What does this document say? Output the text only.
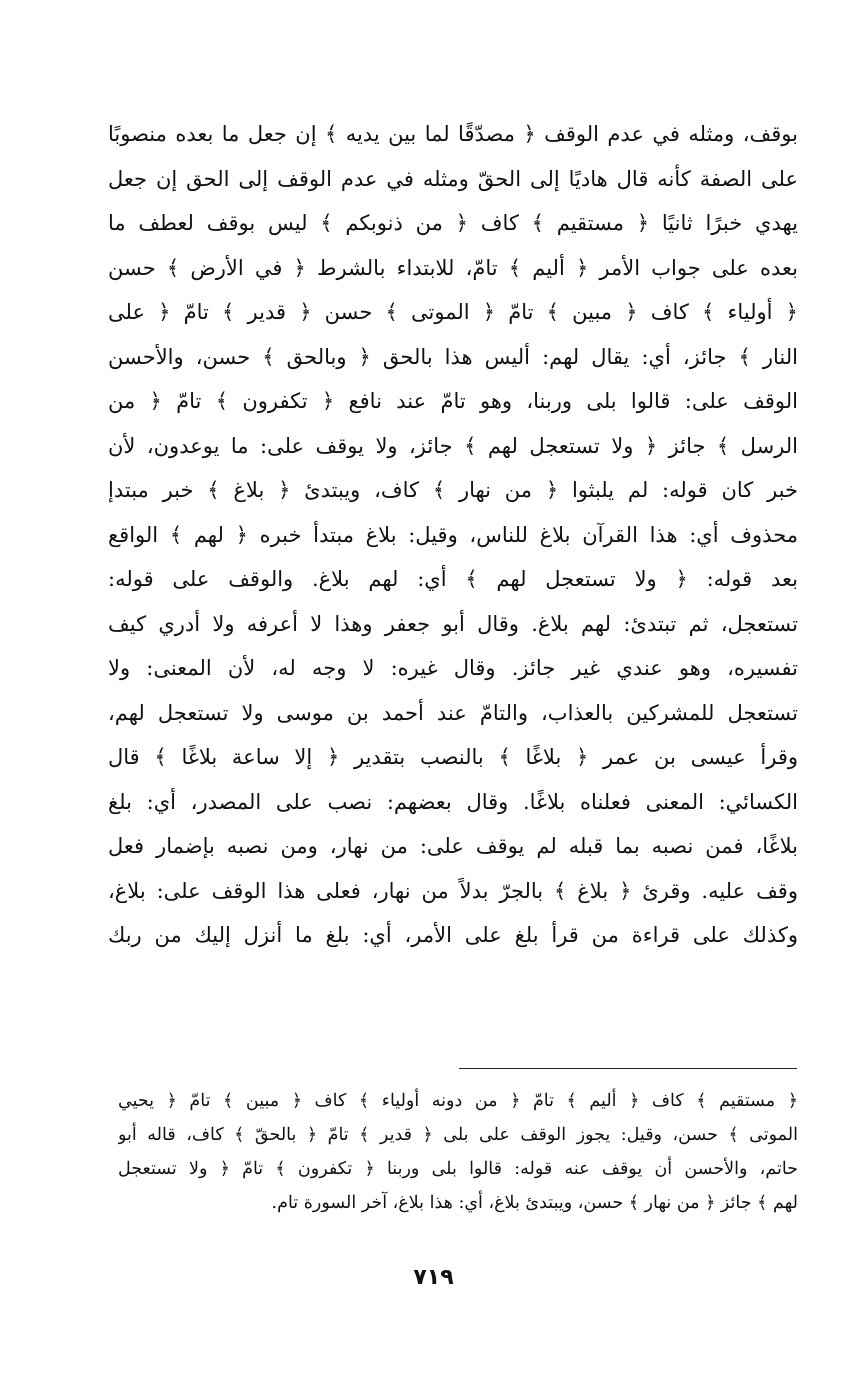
بوقف، ومثله في عدم الوقف ﴿ مصدّقًا لما بين يديه ﴾ إن جعل ما بعده منصوبًا
على الصفة كأنه قال هاديًا إلى الحقّ ومثله في عدم الوقف إلى الحق إن جعل
يهدي خبرًا ثانيًا ﴿ مستقيم ﴾ كاف ﴿ من ذنوبكم ﴾ ليس بوقف لعطف ما
بعده على جواب الأمر ﴿ أليم ﴾ تامّ، للابتداء بالشرط ﴿ في الأرض ﴾ حسن
﴿ أولياء ﴾ كاف ﴿ مبين ﴾ تامّ ﴿ الموتى ﴾ حسن ﴿ قدير ﴾ تامّ ﴿ على
النار ﴾ جائز، أي: يقال لهم: أليس هذا بالحق ﴿ وبالحق ﴾ حسن، والأحسن
الوقف على: قالوا بلى وربنا، وهو تامّ عند نافع ﴿ تكفرون ﴾ تامّ ﴿ من
الرسل ﴾ جائز ﴿ ولا تستعجل لهم ﴾ جائز، ولا يوقف على: ما يوعدون، لأن
خبر كان قوله: لم يلبثوا ﴿ من نهار ﴾ كاف، ويبتدئ ﴿ بلاغ ﴾ خبر مبتدإ
محذوف أي: هذا القرآن بلاغ للناس، وقيل: بلاغ مبتدأ خبره ﴿ لهم ﴾ الواقع
بعد قوله: ﴿ ولا تستعجل لهم ﴾ أي: لهم بلاغ. والوقف على قوله:
تستعجل، ثم تبتدئ: لهم بلاغ. وقال أبو جعفر وهذا لا أعرفه ولا أدري كيف
تفسيره، وهو عندي غير جائز. وقال غيره: لا وجه له، لأن المعنى: ولا
تستعجل للمشركين بالعذاب، والتامّ عند أحمد بن موسى ولا تستعجل لهم،
وقرأ عيسى بن عمر ﴿ بلاغًا ﴾ بالنصب بتقدير ﴿ إلا ساعة بلاغًا ﴾ قال
الكسائي: المعنى فعلناه بلاغًا. وقال بعضهم: نصب على المصدر، أي: بلغ
بلاغًا، فمن نصبه بما قبله لم يوقف على: من نهار، ومن نصبه بإضمار فعل
وقف عليه. وقرئ ﴿ بلاغ ﴾ بالجرّ بدلاً من نهار، فعلى هذا الوقف على: بلاغ،
وكذلك على قراءة من قرأ بلغ على الأمر، أي: بلغ ما أنزل إليك من ربك
﴿ مستقيم ﴾ كاف ﴿ أليم ﴾ تامّ ﴿ من دونه أولياء ﴾ كاف ﴿ مبين ﴾ تامّ ﴿ يحيي
الموتى ﴾ حسن، وقيل: يجوز الوقف على بلى ﴿ قدير ﴾ تامّ ﴿ بالحقّ ﴾ كاف، قاله أبو
حاتم، والأحسن أن يوقف عنه قوله: قالوا بلى وربنا ﴿ تكفرون ﴾ تامّ ﴿ ولا تستعجل
لهم ﴾ جائز ﴿ من نهار ﴾ حسن، ويبتدئ بلاغ، أي: هذا بلاغ، آخر السورة تام.
٧١٩
